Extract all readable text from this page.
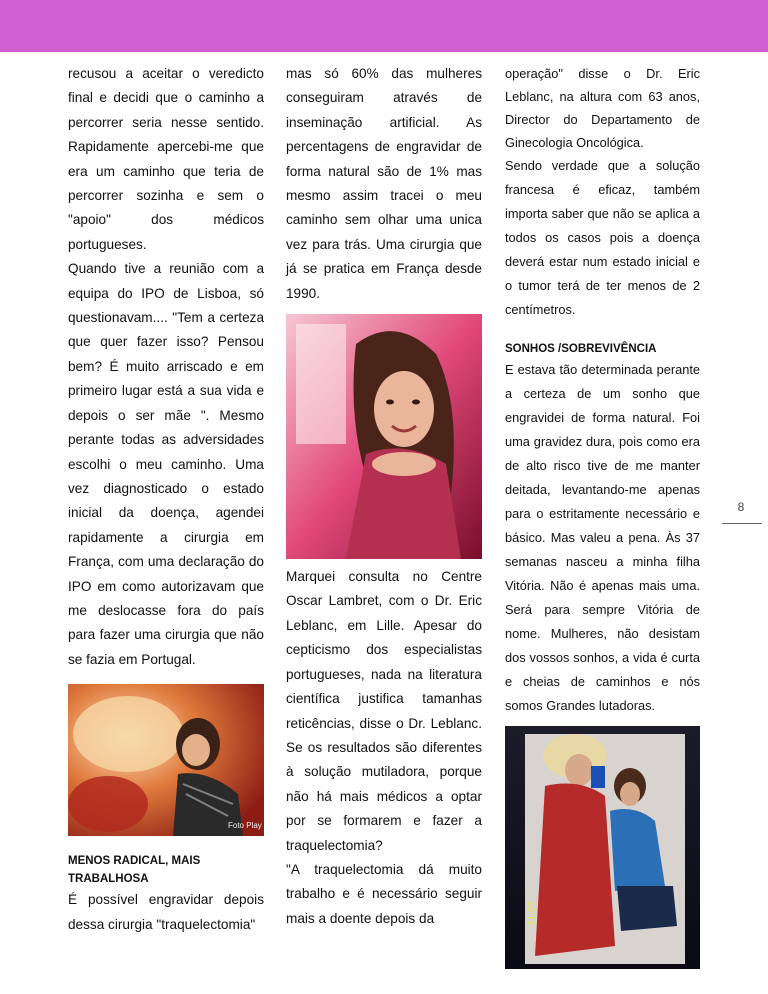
recusou a aceitar o veredicto final e decidi que o caminho a percorrer seria nesse sentido. Rapidamente apercebi-me que era um caminho que teria de percorrer sozinha e sem o "apoio" dos médicos portugueses.

Quando tive a reunião com a equipa do IPO de Lisboa, só questionavam.... "Tem a certeza que quer fazer isso? Pensou bem? É muito arriscado e em primeiro lugar está a sua vida e depois o ser mãe ". Mesmo perante todas as adversidades escolhi o meu caminho. Uma vez diagnosticado o estado inicial da doença, agendei rapidamente a cirurgia em França, com uma declaração do IPO em como autorizavam que me deslocasse fora do país para fazer uma cirurgia que não se fazia em Portugal.

Foto Play
MENOS RADICAL, MAIS TRABALHOSA

É possível engravidar depois dessa cirurgia "traquelectomia"

mas só 60% das mulheres conseguiram através de inseminação artificial. As percentagens de engravidar de forma natural são de 1% mas mesmo assim tracei o meu caminho sem olhar uma unica vez para trás. Uma cirurgia que já se pratica em França desde 1990.

Marquei consulta no Centre Oscar Lambret, com o Dr. Eric Leblanc, em Lille. Apesar do cepticismo dos especialistas portugueses, nada na literatura científica justifica tamanhas reticências, disse o Dr. Leblanc. Se os resultados são diferentes à solução mutiladora, porque não há mais médicos a optar por se formarem e fazer a traquelectomia?

"A traquelectomia dá muito trabalho e é necessário seguir mais a doente depois da

operação" disse o Dr. Eric Leblanc, na altura com 63 anos, Director do Departamento de Ginecologia Oncológica.

Sendo verdade que a solução francesa é eficaz, também importa saber que não se aplica a todos os casos pois a doença deverá estar num estado inicial e o tumor terá de ter menos de 2 centímetros.

SONHOS /SOBREVIVÊNCIA

E estava tão determinada perante a certeza de um sonho que engravidei de forma natural. Foi uma gravidez dura, pois como era de alto risco tive de me manter deitada, levantando-me apenas para o estritamente necessário e básico. Mas valeu a pena. Às 37 semanas nasceu a minha filha Vitória. Não é apenas mais uma. Será para sempre Vitória de nome. Mulheres, não desistam dos vossos sonhos, a vida é curta e cheias de caminhos e nós somos Grandes lutadoras.

21:07
8
